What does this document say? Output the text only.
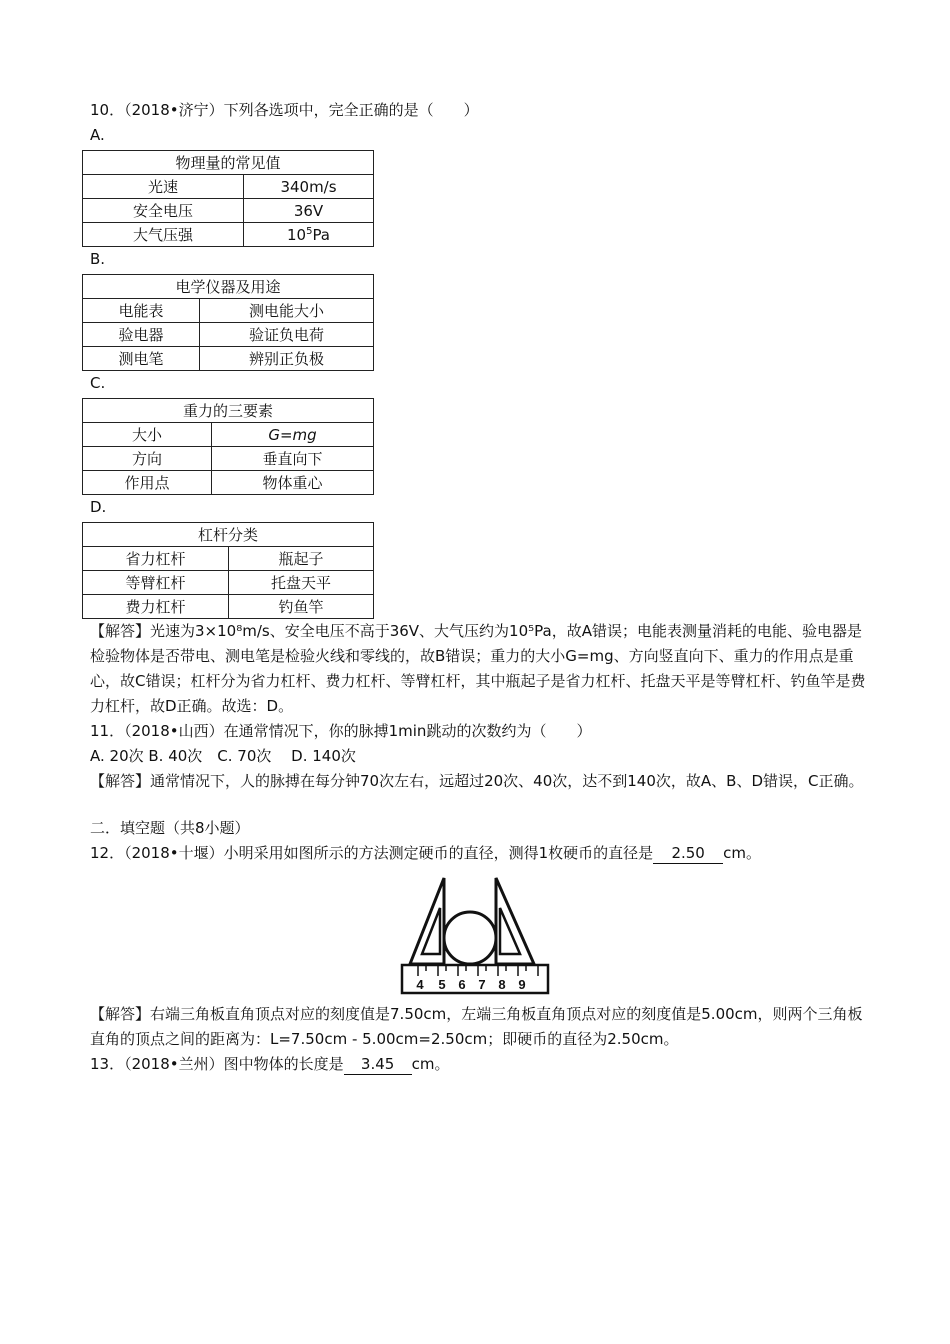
10．（2018•济宁）下列各选项中，完全正确的是（　　）
A.
物理量的常见值	
光速	340m/s
安全电压	36V
大气压强	$10^5Pa$
B.
电学仪器及用途	
电能表	测电能大小
验电器	验证负电荷
测电笔	辨别正负极
C.
重力的三要素	
大小	G=mg
方向	垂直向下
作用点	物体重心
D.
杠杆分类	
省力杠杆	瓶起子
等臂杠杆	托盘天平
费力杠杆	钓鱼竿
【解答】光速为3×10⁸m/s、安全电压不高于36V、大气压约为10⁵Pa，故A错误；电能表测量消耗的电能、验电器是检验物体是否带电、测电笔是检验火线和零线的，故B错误；重力的大小G=mg、方向竖直向下、重力的作用点是重心，故C错误；杠杆分为省力杠杆、费力杠杆、等臂杠杆，其中瓶起子是省力杠杆、托盘天平是等臂杠杆、钓鱼竿是费力杠杆，故D正确。故选：D。
11．（2018•山西）在通常情况下，你的脉搏1min跳动的次数约为（　　）
A. 20次 B. 40次　C. 70次　 D. 140次
【解答】通常情况下，人的脉搏在每分钟70次左右，远超过20次、40次，达不到140次，故A、B、D错误，C正确。
二．填空题（共8小题）
12．（2018•十堰）小明采用如图所示的方法测定硬币的直径，测得1枚硬币的直径是 2.50 cm。
4 5 6 7 8 9
【解答】右端三角板直角顶点对应的刻度值是7.50cm，左端三角板直角顶点对应的刻度值是5.00cm，则两个三角板直角的顶点之间的距离为：L=7.50cm - 5.00cm=2.50cm；即硬币的直径为2.50cm。
13．（2018•兰州）图中物体的长度是 3.45 cm。
